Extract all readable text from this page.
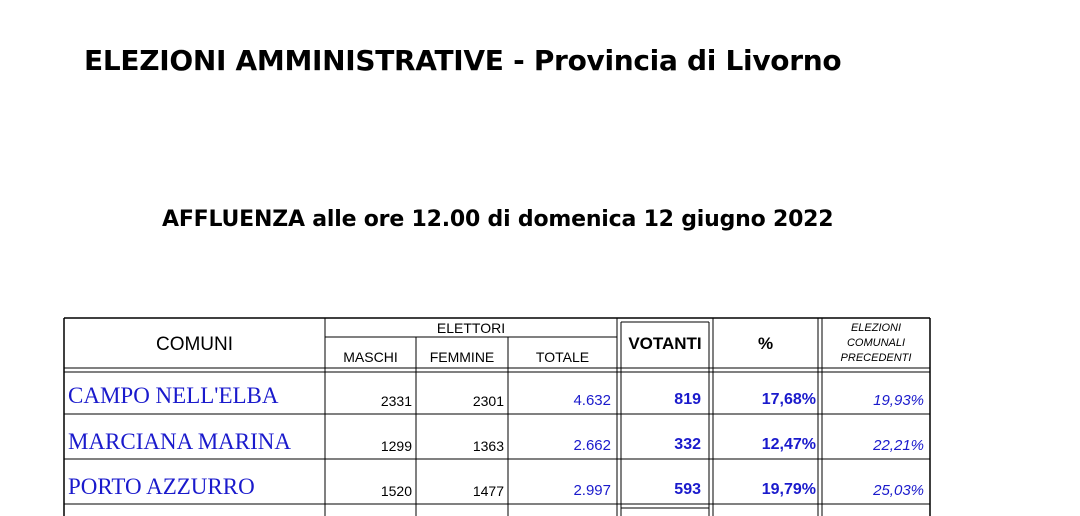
ELEZIONI AMMINISTRATIVE - Provincia di Livorno
AFFLUENZA alle ore 12.00 di domenica 12 giugno 2022
COMUNI
ELETTORI
MASCHI	FEMMINE	TOTALE
VOTANTI	%
ELEZIONI
COMUNALI
PRECEDENTI
CAMPO NELL'ELBA	2331	2301	4.632	819	17,68%	19,93%
MARCIANA MARINA	1299	1363	2.662	332	12,47%	22,21%
PORTO AZZURRO	1520	1477	2.997	593	19,79%	25,03%
